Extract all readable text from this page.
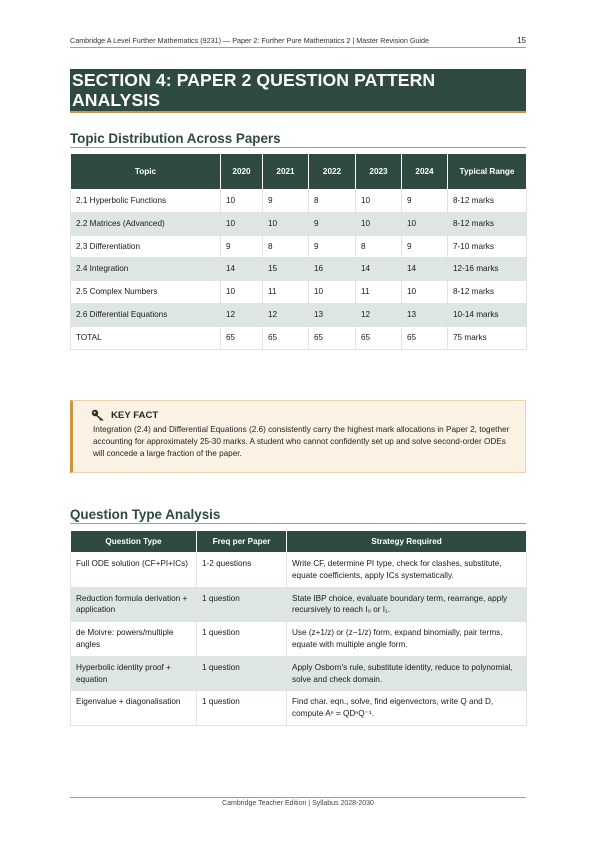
Cambridge A Level Further Mathematics (9231) — Paper 2: Further Pure Mathematics 2 | Master Revision Guide	15
SECTION 4: PAPER 2 QUESTION PATTERN ANALYSIS
Topic Distribution Across Papers
Topic	2020	2021	2022	2023	2024	Typical Range
2.1 Hyperbolic Functions	10	9	8	10	9	8-12 marks
2.2 Matrices (Advanced)	10	10	9	10	10	8-12 marks
2.3 Differentiation	9	8	9	8	9	7-10 marks
2.4 Integration	14	15	16	14	14	12-16 marks
2.5 Complex Numbers	10	11	10	11	10	8-12 marks
2.6 Differential Equations	12	12	13	12	13	10-14 marks
TOTAL	65	65	65	65	65	75 marks
KEY FACT
Integration (2.4) and Differential Equations (2.6) consistently carry the highest mark allocations in Paper 2, together accounting for approximately 25-30 marks. A student who cannot confidently set up and solve second-order ODEs will concede a large fraction of the paper.
Question Type Analysis
Question Type	Freq per Paper	Strategy Required
Full ODE solution (CF+PI+ICs)	1-2 questions	Write CF, determine PI type, check for clashes, substitute, equate coefficients, apply ICs systematically.
Reduction formula derivation + application	1 question	State IBP choice, evaluate boundary term, rearrange, apply recursively to reach I₀ or I₁.
de Moivre: powers/multiple angles	1 question	Use (z+1/z) or (z−1/z) form, expand binomially, pair terms, equate with multiple angle form.
Hyperbolic identity proof + equation	1 question	Apply Osborn's rule, substitute identity, reduce to polynomial, solve and check domain.
Eigenvalue + diagonalisation	1 question	Find char. eqn., solve, find eigenvectors, write Q and D, compute Aⁿ = QDⁿQ⁻¹.
Cambridge Teacher Edition | Syllabus 2028-2030
